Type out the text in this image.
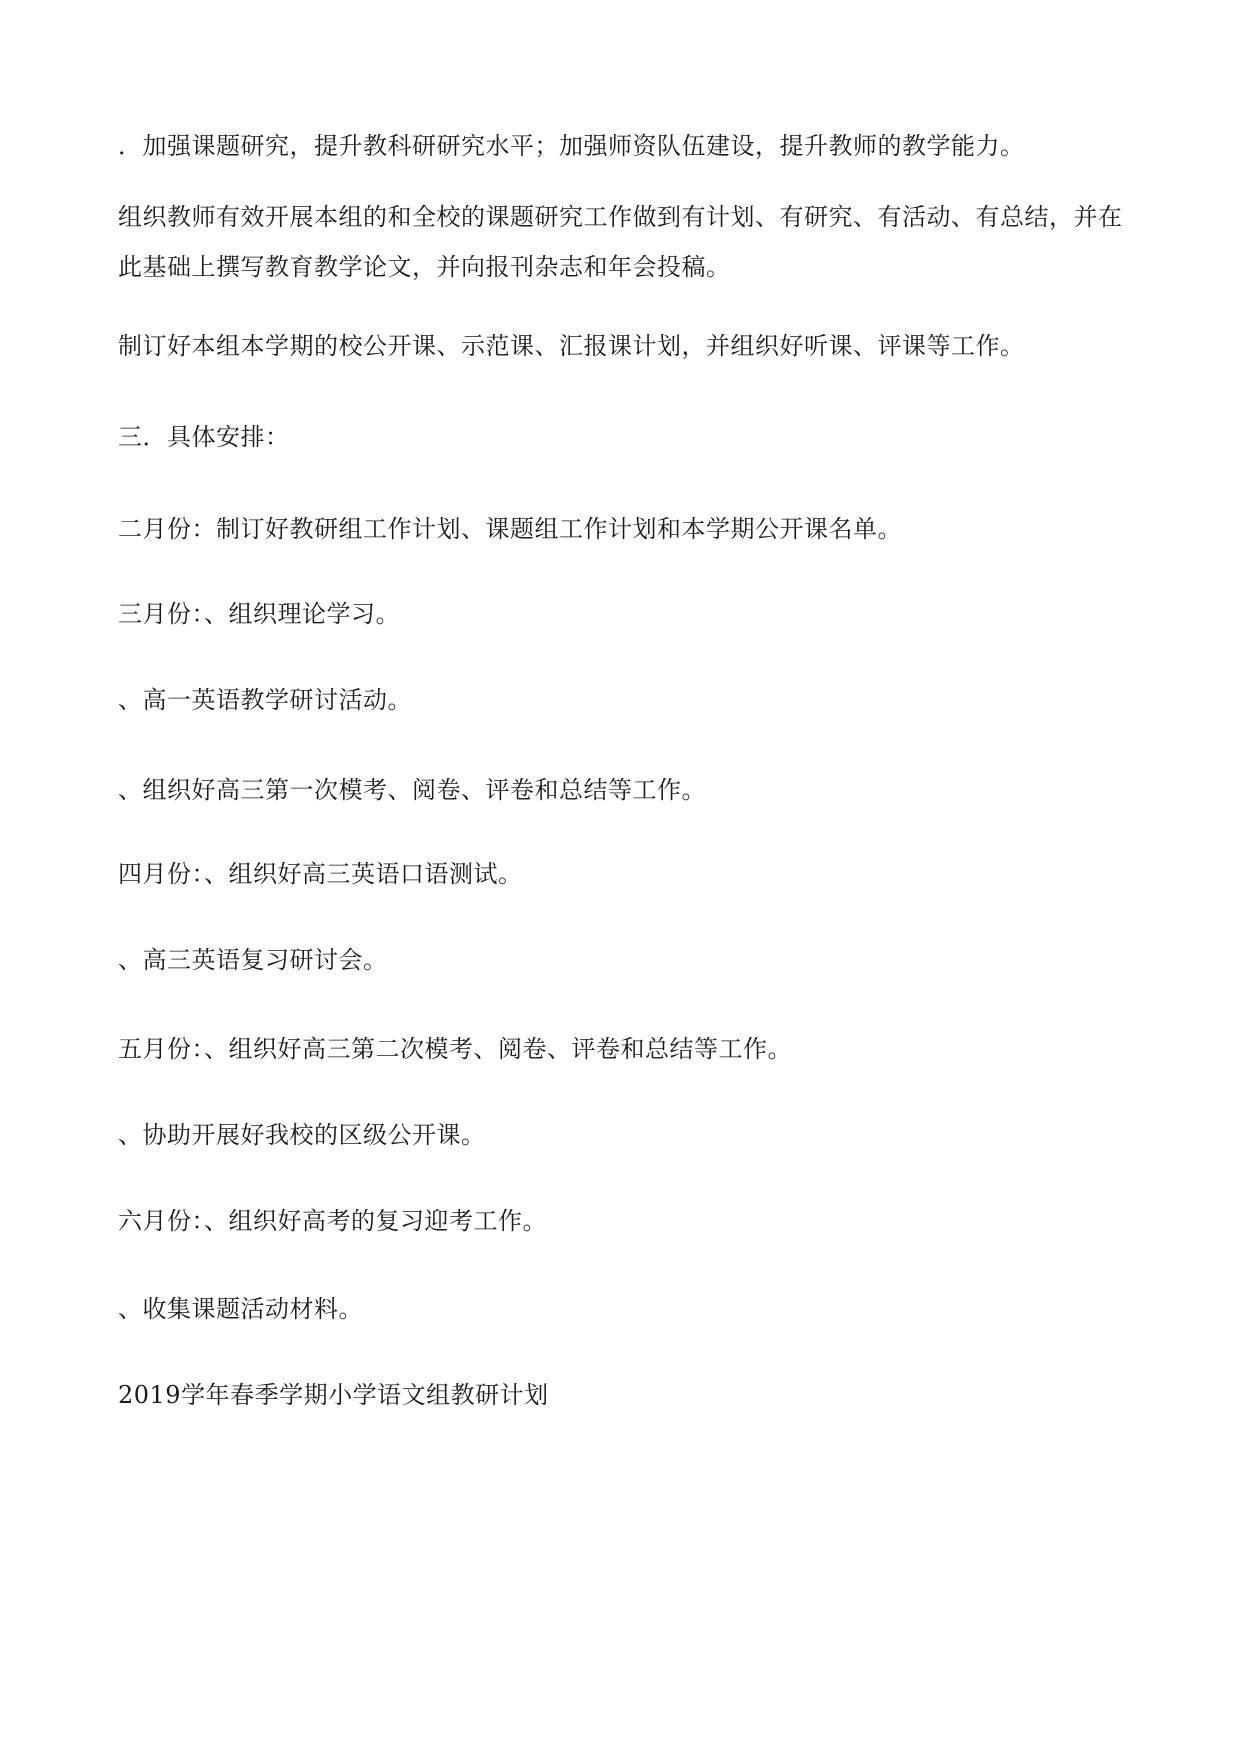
．加强课题研究，提升教科研研究水平；加强师资队伍建设，提升教师的教学能力。

组织教师有效开展本组的和全校的课题研究工作做到有计划、有研究、有活动、有总结，并在此基础上撰写教育教学论文，并向报刊杂志和年会投稿。

制订好本组本学期的校公开课、示范课、汇报课计划，并组织好听课、评课等工作。

三．具体安排：

二月份：制订好教研组工作计划、课题组工作计划和本学期公开课名单。

三月份：、组织理论学习。

、高一英语教学研讨活动。

、组织好高三第一次模考、阅卷、评卷和总结等工作。

四月份：、组织好高三英语口语测试。

、高三英语复习研讨会。

五月份：、组织好高三第二次模考、阅卷、评卷和总结等工作。

、协助开展好我校的区级公开课。

六月份：、组织好高考的复习迎考工作。

、收集课题活动材料。

2019学年春季学期小学语文组教研计划
